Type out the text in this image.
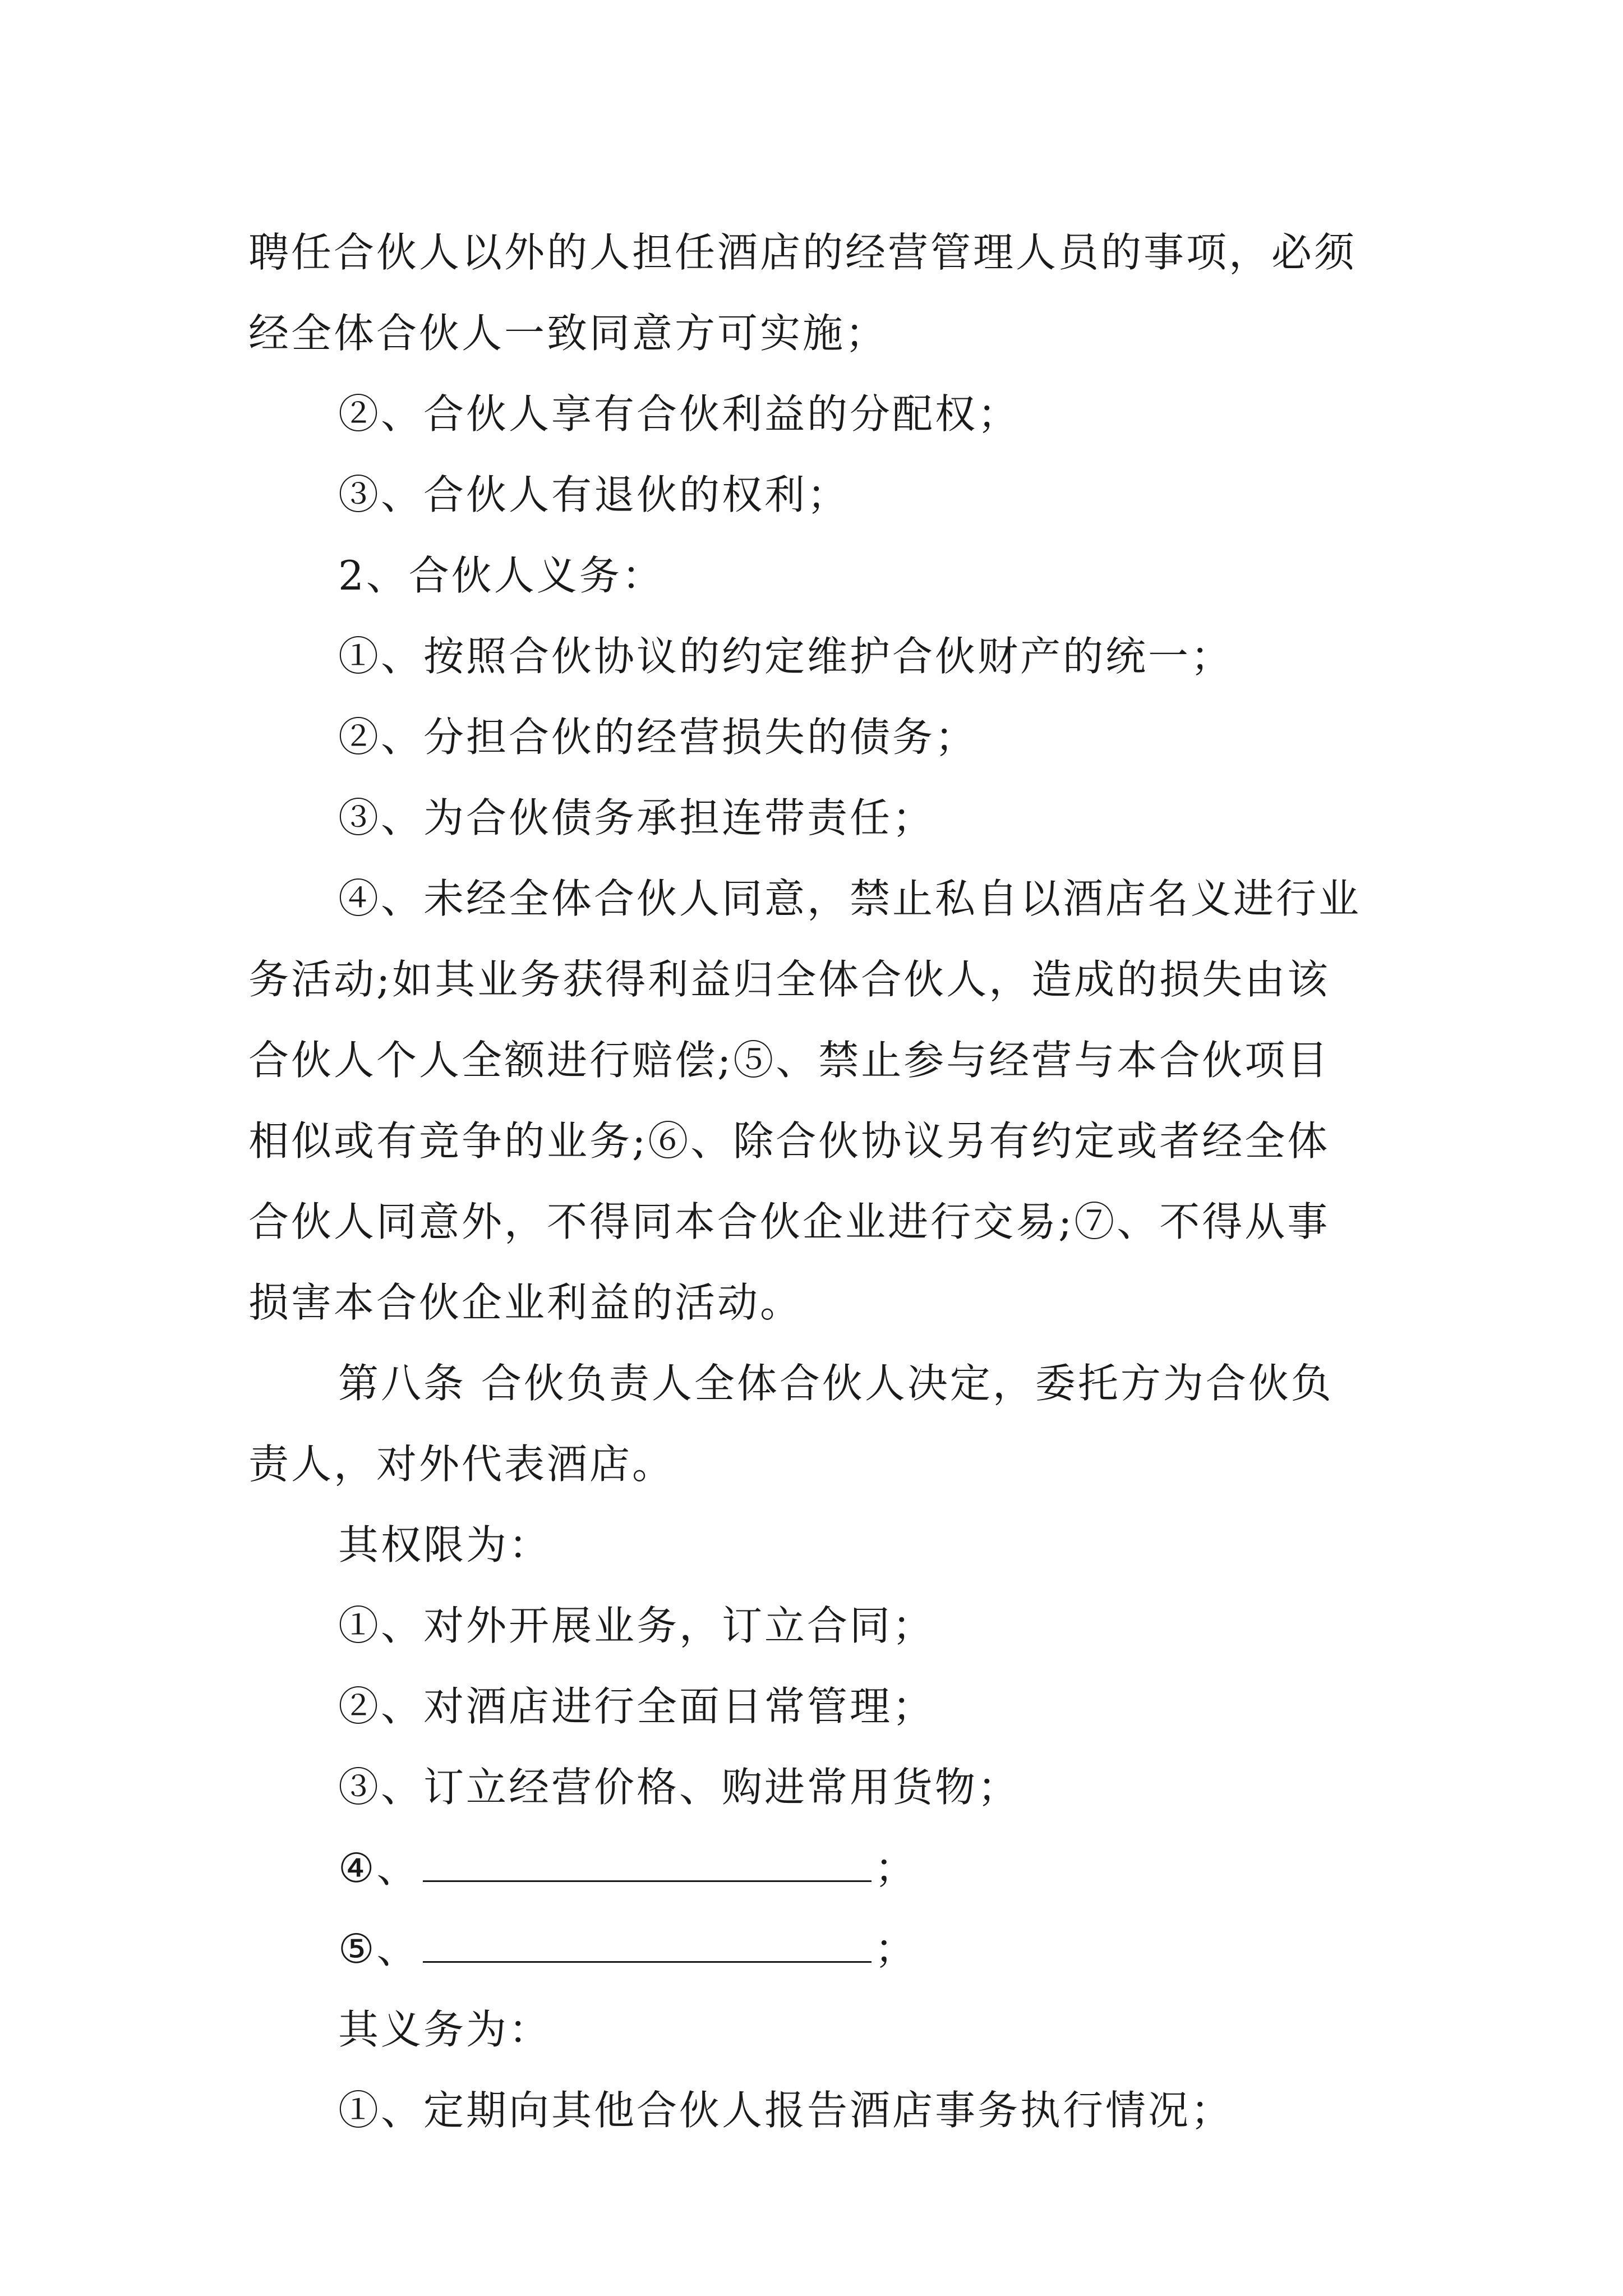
聘任合伙人以外的人担任酒店的经营管理人员的事项，必须

经全体合伙人一致同意方可实施；

②、合伙人享有合伙利益的分配权；

③、合伙人有退伙的权利；

2、合伙人义务：

①、按照合伙协议的约定维护合伙财产的统一；

②、分担合伙的经营损失的债务；

③、为合伙债务承担连带责任；

④、未经全体合伙人同意，禁止私自以酒店名义进行业

务活动;如其业务获得利益归全体合伙人，造成的损失由该

合伙人个人全额进行赔偿;⑤、禁止参与经营与本合伙项目

相似或有竞争的业务;⑥、除合伙协议另有约定或者经全体

合伙人同意外，不得同本合伙企业进行交易;⑦、不得从事

损害本合伙企业利益的活动。

第八条 合伙负责人全体合伙人决定，委托方为合伙负

责人，对外代表酒店。

其权限为：

①、对外开展业务，订立合同；

②、对酒店进行全面日常管理；

③、订立经营价格、购进常用货物；

④、	；

⑤、	；

其义务为：

①、定期向其他合伙人报告酒店事务执行情况；
